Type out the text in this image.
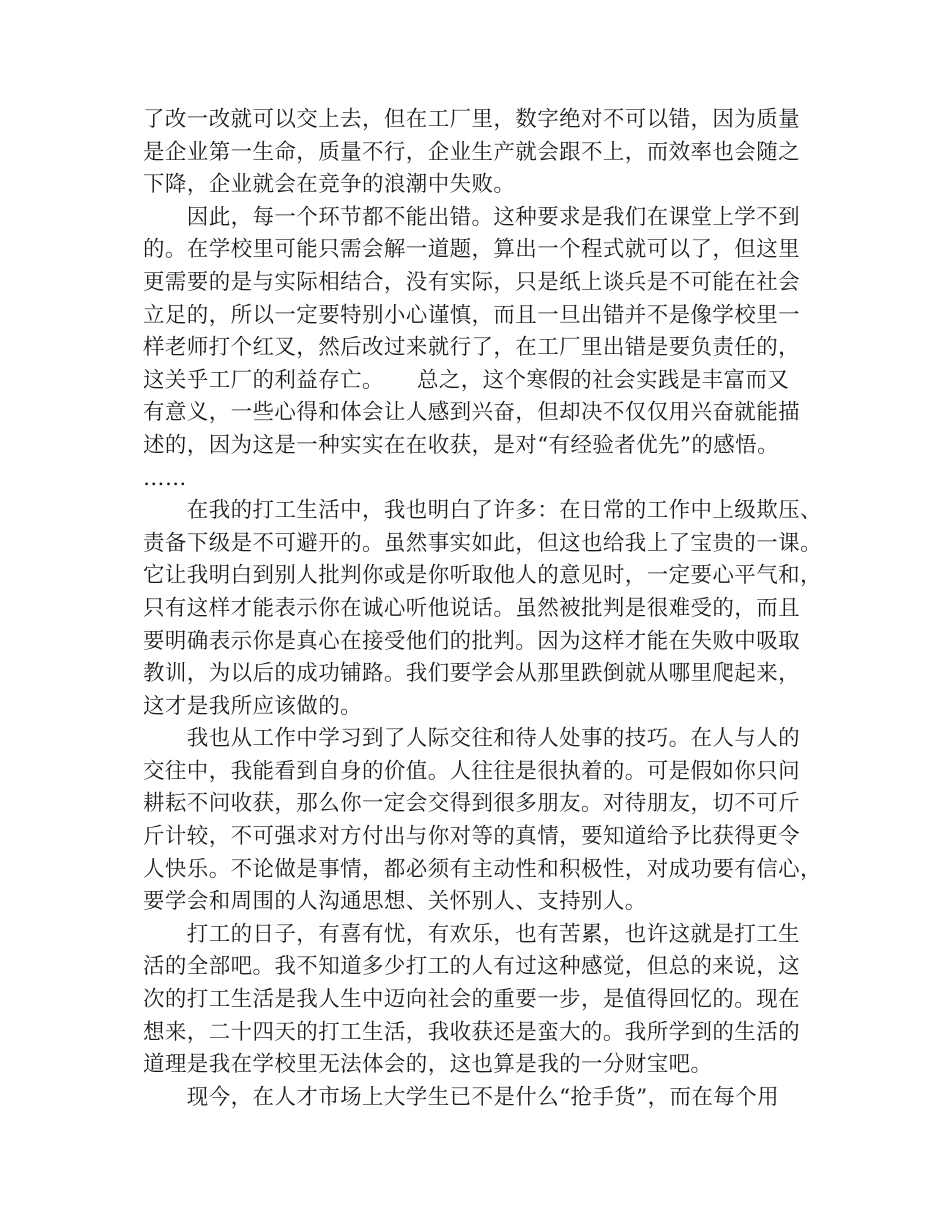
了改一改就可以交上去，但在工厂里，数字绝对不可以错，因为质量
是企业第一生命，质量不行，企业生产就会跟不上，而效率也会随之
下降，企业就会在竞争的浪潮中失败。
　　因此，每一个环节都不能出错。这种要求是我们在课堂上学不到
的。在学校里可能只需会解一道题，算出一个程式就可以了，但这里
更需要的是与实际相结合，没有实际，只是纸上谈兵是不可能在社会
立足的，所以一定要特别小心谨慎，而且一旦出错并不是像学校里一
样老师打个红叉，然后改过来就行了，在工厂里出错是要负责任的，
这关乎工厂的利益存亡。　　总之，这个寒假的社会实践是丰富而又
有意义，一些心得和体会让人感到兴奋，但却决不仅仅用兴奋就能描
述的，因为这是一种实实在在收获，是对“有经验者优先”的感悟。
……
　　在我的打工生活中，我也明白了许多：在日常的工作中上级欺压、
责备下级是不可避开的。虽然事实如此，但这也给我上了宝贵的一课。
它让我明白到别人批判你或是你听取他人的意见时，一定要心平气和，
只有这样才能表示你在诚心听他说话。虽然被批判是很难受的，而且
要明确表示你是真心在接受他们的批判。因为这样才能在失败中吸取
教训，为以后的成功铺路。我们要学会从那里跌倒就从哪里爬起来，
这才是我所应该做的。
　　我也从工作中学习到了人际交往和待人处事的技巧。在人与人的
交往中，我能看到自身的价值。人往往是很执着的。可是假如你只问
耕耘不问收获，那么你一定会交得到很多朋友。对待朋友，切不可斤
斤计较，不可强求对方付出与你对等的真情，要知道给予比获得更令
人快乐。不论做是事情，都必须有主动性和积极性，对成功要有信心，
要学会和周围的人沟通思想、关怀别人、支持别人。
　　打工的日子，有喜有忧，有欢乐，也有苦累，也许这就是打工生
活的全部吧。我不知道多少打工的人有过这种感觉，但总的来说，这
次的打工生活是我人生中迈向社会的重要一步，是值得回忆的。现在
想来，二十四天的打工生活，我收获还是蛮大的。我所学到的生活的
道理是我在学校里无法体会的，这也算是我的一分财宝吧。
　　现今，在人才市场上大学生已不是什么“抢手货”，而在每个用
